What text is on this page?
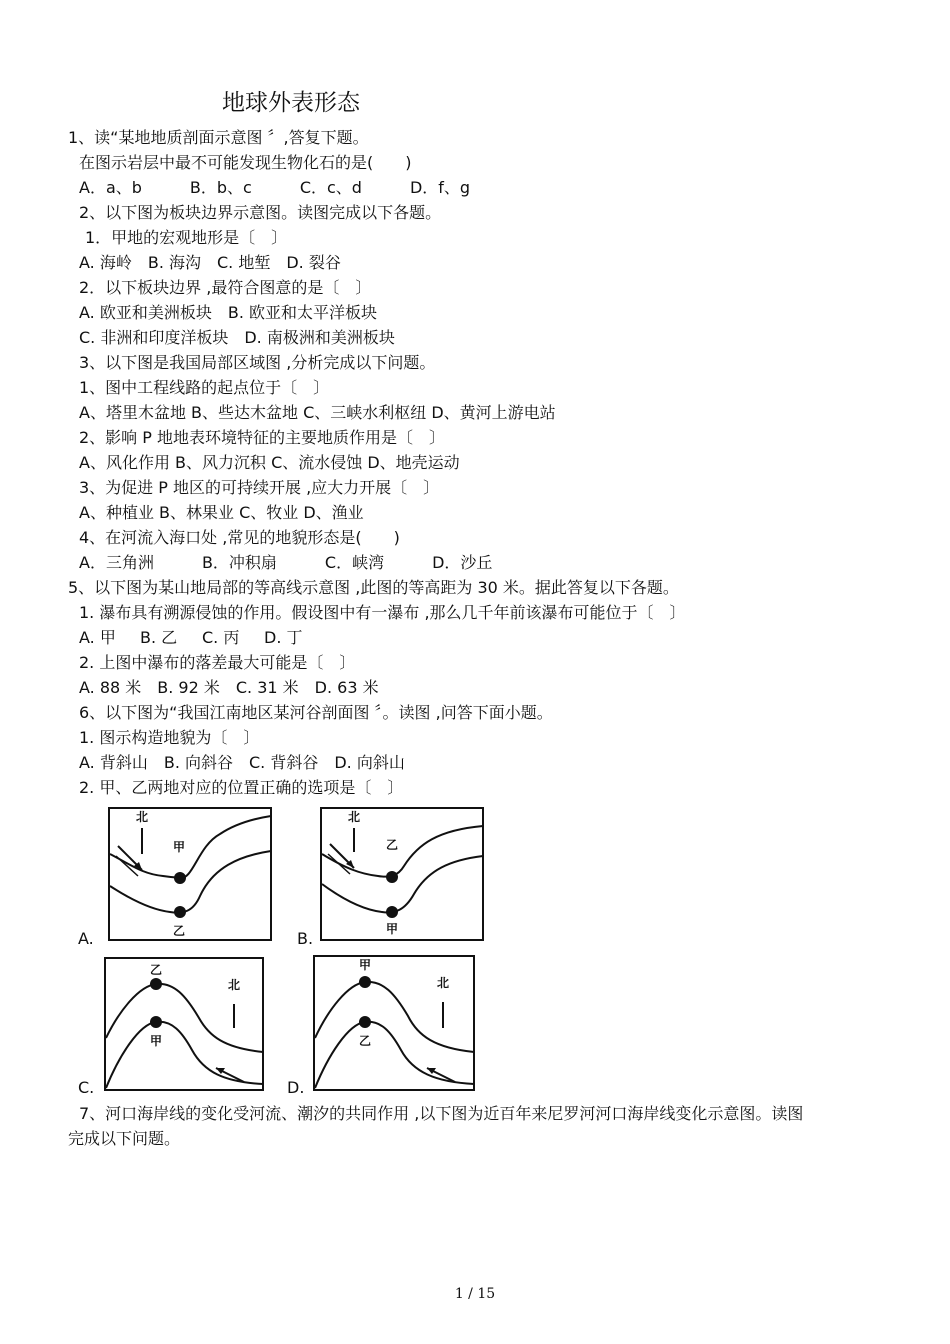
地球外表形态
1、读“某地地质剖面示意图 〞,答复下题。
在图示岩层中最不可能发现生物化石的是(　　)
A．a、b　　　B．b、c　　　C．c、d　　　D．f、g
2、以下图为板块边界示意图。读图完成以下各题。
1．甲地的宏观地形是〔　〕
A. 海岭　B. 海沟　C. 地堑　D. 裂谷
2．以下板块边界 ,最符合图意的是〔　〕
A. 欧亚和美洲板块　B. 欧亚和太平洋板块
C. 非洲和印度洋板块　D. 南极洲和美洲板块
3、以下图是我国局部区域图 ,分析完成以下问题。
1、图中工程线路的起点位于〔　〕
A、塔里木盆地 B、些达木盆地 C、三峡水利枢纽 D、黄河上游电站
2、影响 P 地地表环境特征的主要地质作用是〔　〕
A、风化作用 B、风力沉积 C、流水侵蚀 D、地壳运动
3、为促进 P 地区的可持续开展 ,应大力开展〔　〕
A、种植业 B、林果业 C、牧业 D、渔业
4、在河流入海口处 ,常见的地貌形态是(　　)
A．三角洲　　　B．冲积扇　　　C．峡湾　　　D．沙丘
5、以下图为某山地局部的等高线示意图 ,此图的等高距为 30 米。据此答复以下各题。
1. 瀑布具有溯源侵蚀的作用。假设图中有一瀑布 ,那么几千年前该瀑布可能位于〔　〕
A. 甲 B. 乙 C. 丙 D. 丁
2. 上图中瀑布的落差最大可能是〔　〕
A. 88 米　B. 92 米　C. 31 米　D. 63 米
6、以下图为“我国江南地区某河谷剖面图 〞。读图 ,问答下面小题。
1. 图示构造地貌为〔　〕
A. 背斜山　B. 向斜谷　C. 背斜谷　D. 向斜山
2. 甲、乙两地对应的位置正确的选项是〔　〕
A.	B.
C.	D.
北
甲
乙
北
乙
甲
乙
甲
北
甲
乙
北
7、河口海岸线的变化受河流、潮汐的共同作用 ,以下图为近百年来尼罗河河口海岸线变化示意图。读图
完成以下问题。
1 / 15
